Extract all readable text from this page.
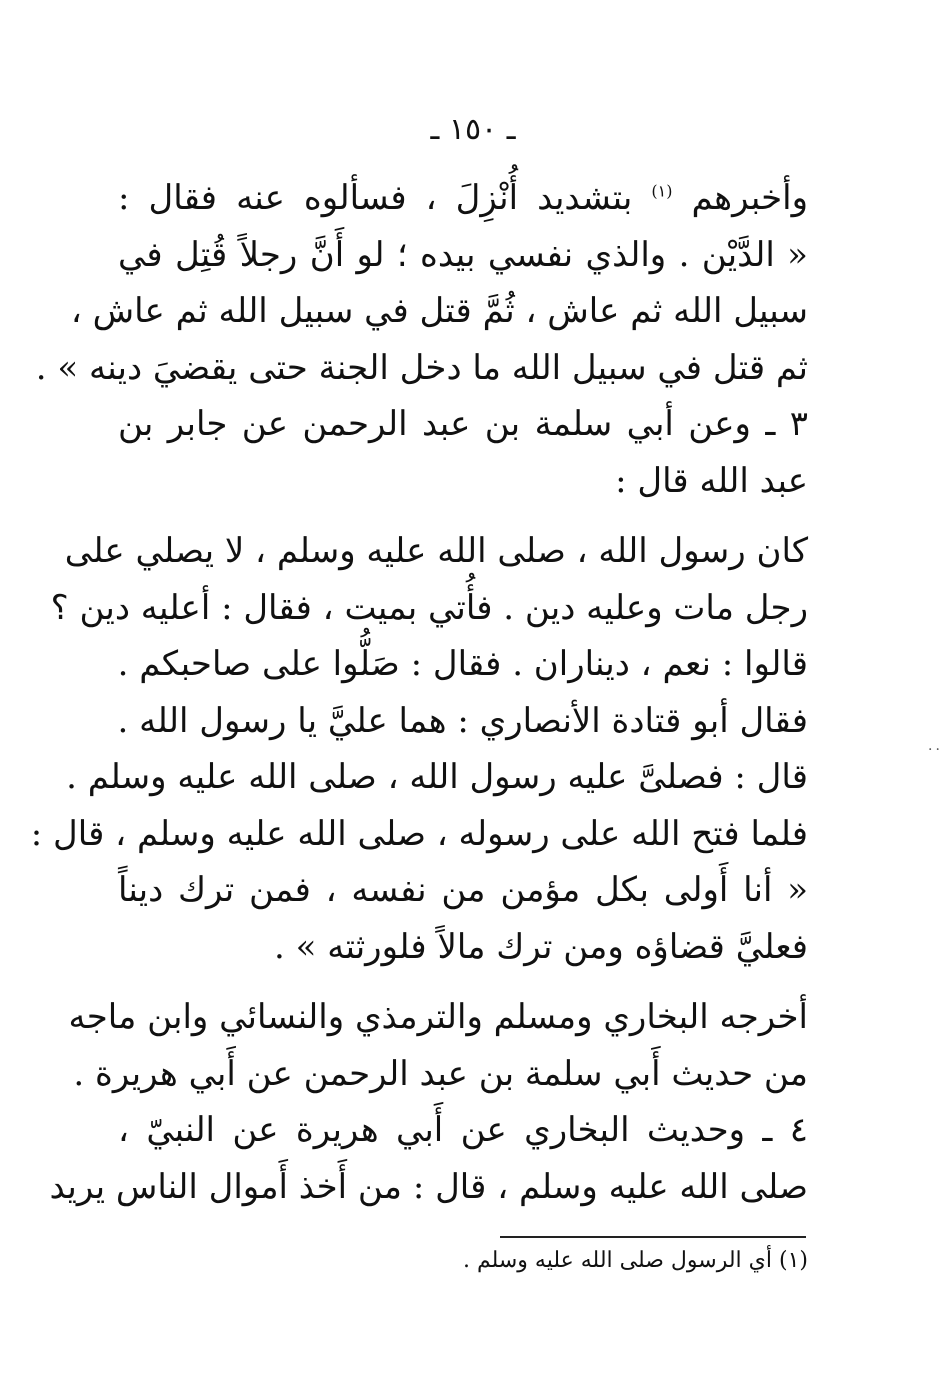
ـ ١٥٠ ـ
وأخبرهم $^{(١)}$ بتشديد أُنْزِلَ ، فسألوه عنه فقال :
« الدَّيْن . والذي نفسي بيده ؛ لو أَنَّ رجلاً قُتِل في
سبيل الله ثم عاش ، ثُمَّ قتل في سبيل الله ثم عاش ،
ثم قتل في سبيل الله ما دخل الجنة حتى يقضيَ دينه » .
٣ ـ وعن أبي سلمة بن عبد الرحمن عن جابر بن
عبد الله قال :
كان رسول الله ، صلى الله عليه وسلم ، لا يصلي على
رجل مات وعليه دين . فأُتي بميت ، فقال : أعليه دين ؟
قالوا : نعم ، ديناران . فقال : صَلُّوا على صاحبكم .
فقال أبو قتادة الأنصاري : هما عليَّ يا رسول الله .
قال : فصلىَّ عليه رسول الله ، صلى الله عليه وسلم .
فلما فتح الله على رسوله ، صلى الله عليه وسلم ، قال :
« أنا أَولى بكل مؤمن من نفسه ، فمن ترك ديناً
فعليَّ قضاؤه ومن ترك مالاً فلورثته » .
أخرجه البخاري ومسلم والترمذي والنسائي وابن ماجه
من حديث أَبي سلمة بن عبد الرحمن عن أَبي هريرة .
٤ ـ وحديث البخاري عن أَبي هريرة عن النبيّ ،
صلى الله عليه وسلم ، قال : من أَخذ أَموال الناس يريد
(١) أي الرسول صلى الله عليه وسلم .
··
